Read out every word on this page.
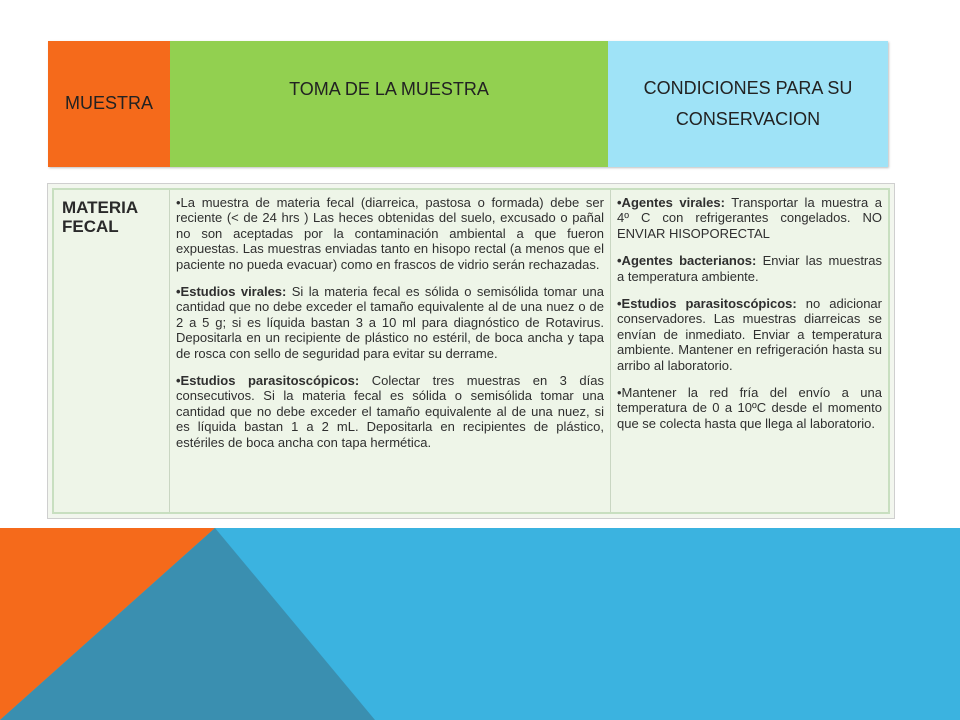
MUESTRA
TOMA DE LA MUESTRA	CONDICIONES PARA SU CONSERVACION
MATERIA FECAL

•La muestra de materia fecal (diarreica, pastosa o formada) debe ser reciente (< de 24 hrs ) Las heces obtenidas del suelo, excusado o pañal no son aceptadas por la contaminación ambiental a que fueron expuestas. Las muestras enviadas tanto en hisopo rectal (a menos que el paciente no pueda evacuar) como en frascos de vidrio serán rechazadas.

•Estudios virales: Si la materia fecal es sólida o semisólida tomar una cantidad que no debe exceder el tamaño equivalente al de una nuez o de 2 a 5 g; si es líquida bastan 3 a 10 ml para diagnóstico de Rotavirus. Depositarla en un recipiente de plástico no estéril, de boca ancha y tapa de rosca con sello de seguridad para evitar su derrame.

•Estudios parasitoscópicos: Colectar tres muestras en 3 días consecutivos. Si la materia fecal es sólida o semisólida tomar una cantidad que no debe exceder el tamaño equivalente al de una nuez, si es líquida bastan 1 a 2 mL. Depositarla en recipientes de plástico, estériles de boca ancha con tapa hermética.

•Agentes virales: Transportar la muestra a 4º C con refrigerantes congelados. NO ENVIAR HISOPORECTAL

•Agentes bacterianos: Enviar las muestras a temperatura ambiente.

•Estudios parasitoscópicos: no adicionar conservadores. Las muestras diarreicas se envían de inmediato. Enviar a temperatura ambiente. Mantener en refrigeración hasta su arribo al laboratorio.

•Mantener la red fría del envío a una temperatura de 0 a 10ºC desde el momento que se colecta hasta que llega al laboratorio.
